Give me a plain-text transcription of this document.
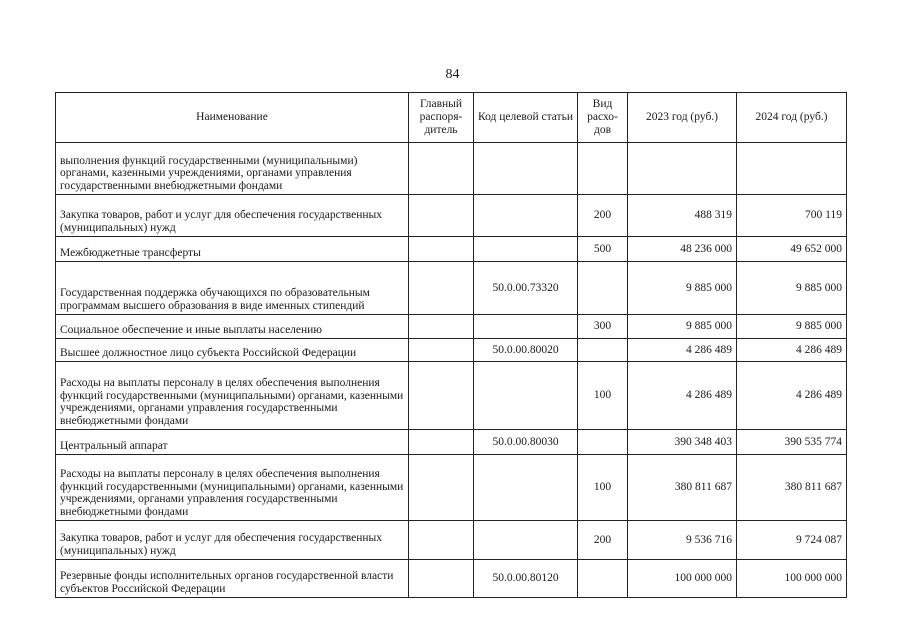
84
Наименование	Главный распоря-дитель	Код целевой статьи	Вид расхо-дов	2023 год (руб.)	2024 год (руб.)
выполнения функций государственными (муниципальными) органами, казенными учреждениями, органами управления государственными внебюджетными фондами					
Закупка товаров, работ и услуг для обеспечения государственных (муниципальных) нужд			200	488 319	700 119
Межбюджетные трансферты			500	48 236 000	49 652 000
Государственная поддержка обучающихся по образовательным программам высшего образования в виде именных стипендий		50.0.00.73320		9 885 000	9 885 000
Социальное обеспечение и иные выплаты населению			300	9 885 000	9 885 000
Высшее должностное лицо субъекта Российской Федерации		50.0.00.80020		4 286 489	4 286 489
Расходы на выплаты персоналу в целях обеспечения выполнения функций государственными (муниципальными) органами, казенными учреждениями, органами управления государственными внебюджетными фондами			100	4 286 489	4 286 489
Центральный аппарат		50.0.00.80030		390 348 403	390 535 774
Расходы на выплаты персоналу в целях обеспечения выполнения функций государственными (муниципальными) органами, казенными учреждениями, органами управления государственными внебюджетными фондами			100	380 811 687	380 811 687
Закупка товаров, работ и услуг для обеспечения государственных (муниципальных) нужд			200	9 536 716	9 724 087
Резервные фонды исполнительных органов государственной власти субъектов Российской Федерации		50.0.00.80120		100 000 000	100 000 000
